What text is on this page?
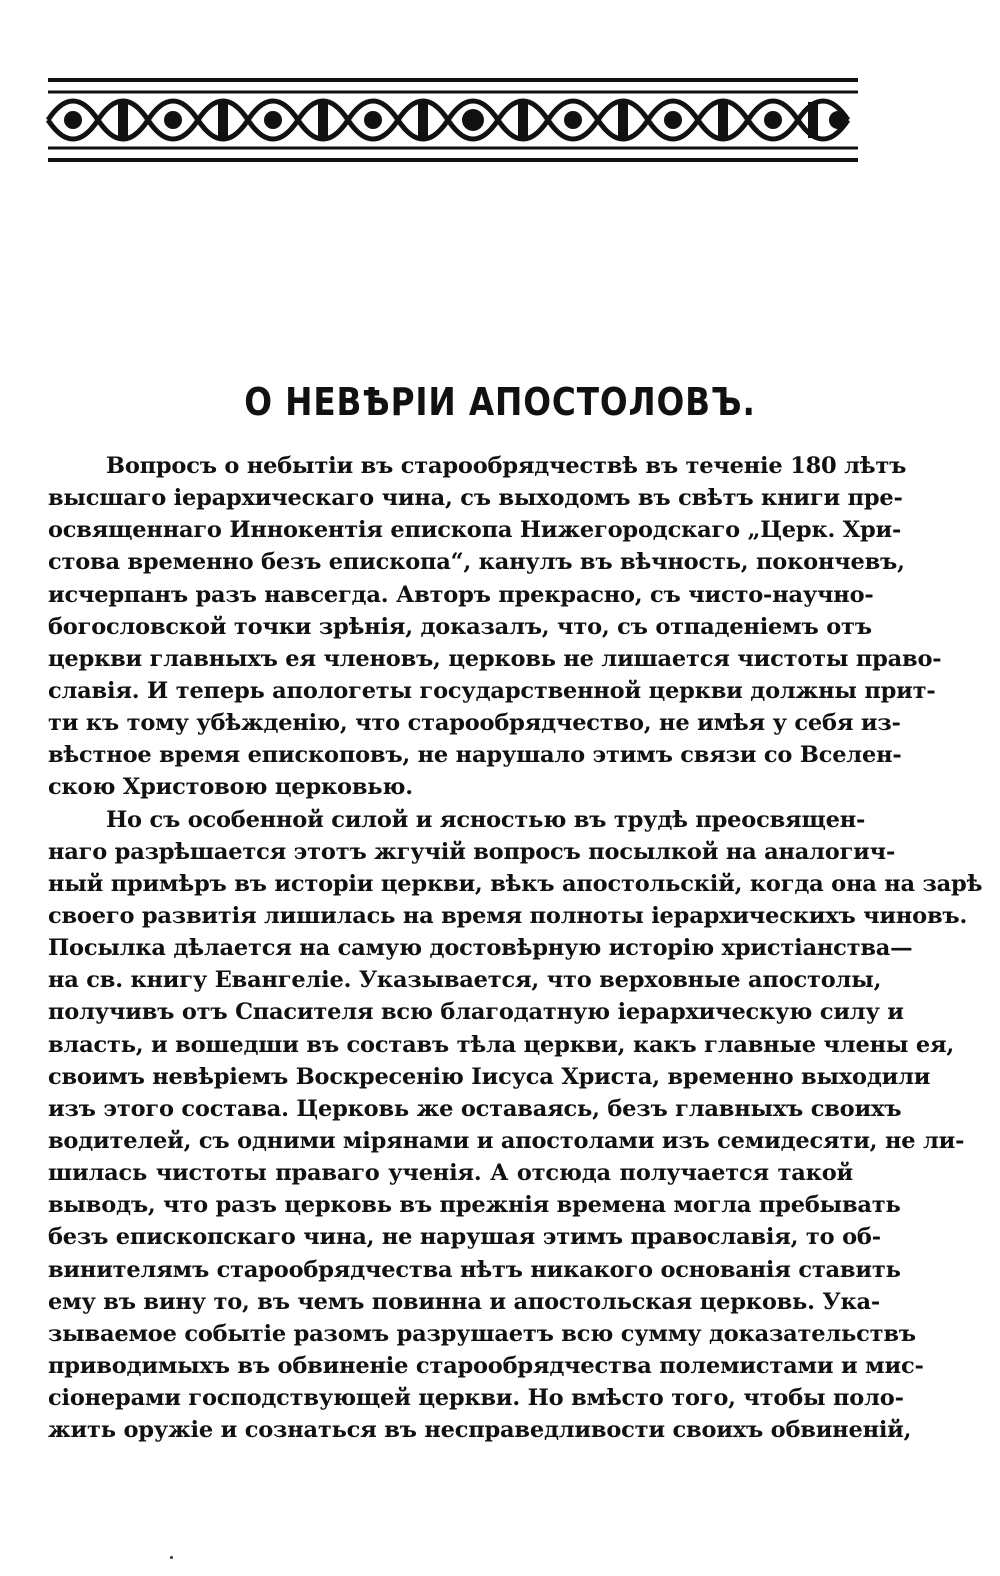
О НЕВѢРІИ АПОСТОЛОВЪ.
Вопросъ о небытіи въ старообрядчествѣ въ теченіе 180 лѣтъ
высшаго іерархическаго чина, съ выходомъ въ свѣтъ книги пре-
освященнаго Иннокентія епископа Нижегородскаго „Церк. Хри-
стова временно безъ епископа“, канулъ въ вѣчность, покончевъ,
исчерпанъ разъ навсегда. Авторъ прекрасно, съ чисто-научно-
богословской точки зрѣнія, доказалъ, что, съ отпаденіемъ отъ
церкви главныхъ ея членовъ, церковь не лишается чистоты право-
славія. И теперь апологеты государственной церкви должны прит-
ти къ тому убѣжденію, что старообрядчество, не имѣя у себя из-
вѣстное время епископовъ, не нарушало этимъ связи со Вселен-
скою Христовою церковью.
Но съ особенной силой и ясностью въ трудѣ преосвящен-
наго разрѣшается этотъ жгучій вопросъ посылкой на аналогич-
ный примѣръ въ исторіи церкви, вѣкъ апостольскій, когда она на зарѣ
своего развитія лишилась на время полноты іерархическихъ чиновъ.
Посылка дѣлается на самую достовѣрную исторію христіанства—
на св. книгу Евангеліе. Указывается, что верховные апостолы,
получивъ отъ Спасителя всю благодатную іерархическую силу и
власть, и вошедши въ составъ тѣла церкви, какъ главные члены ея,
своимъ невѣріемъ Воскресенію Іисуса Христа, временно выходили
изъ этого состава. Церковь же оставаясь, безъ главныхъ своихъ
водителей, съ одними мірянами и апостолами изъ семидесяти, не ли-
шилась чистоты праваго ученія. А отсюда получается такой
выводъ, что разъ церковь въ прежнія времена могла пребывать
безъ епископскаго чина, не нарушая этимъ православія, то об-
винителямъ старообрядчества нѣтъ никакого основанія ставить
ему въ вину то, въ чемъ повинна и апостольская церковь. Ука-
зываемое событіе разомъ разрушаетъ всю сумму доказательствъ
приводимыхъ въ обвиненіе старообрядчества полемистами и мис-
сіонерами господствующей церкви. Но вмѣсто того, чтобы поло-
жить оружіе и сознаться въ несправедливости своихъ обвиненій,
